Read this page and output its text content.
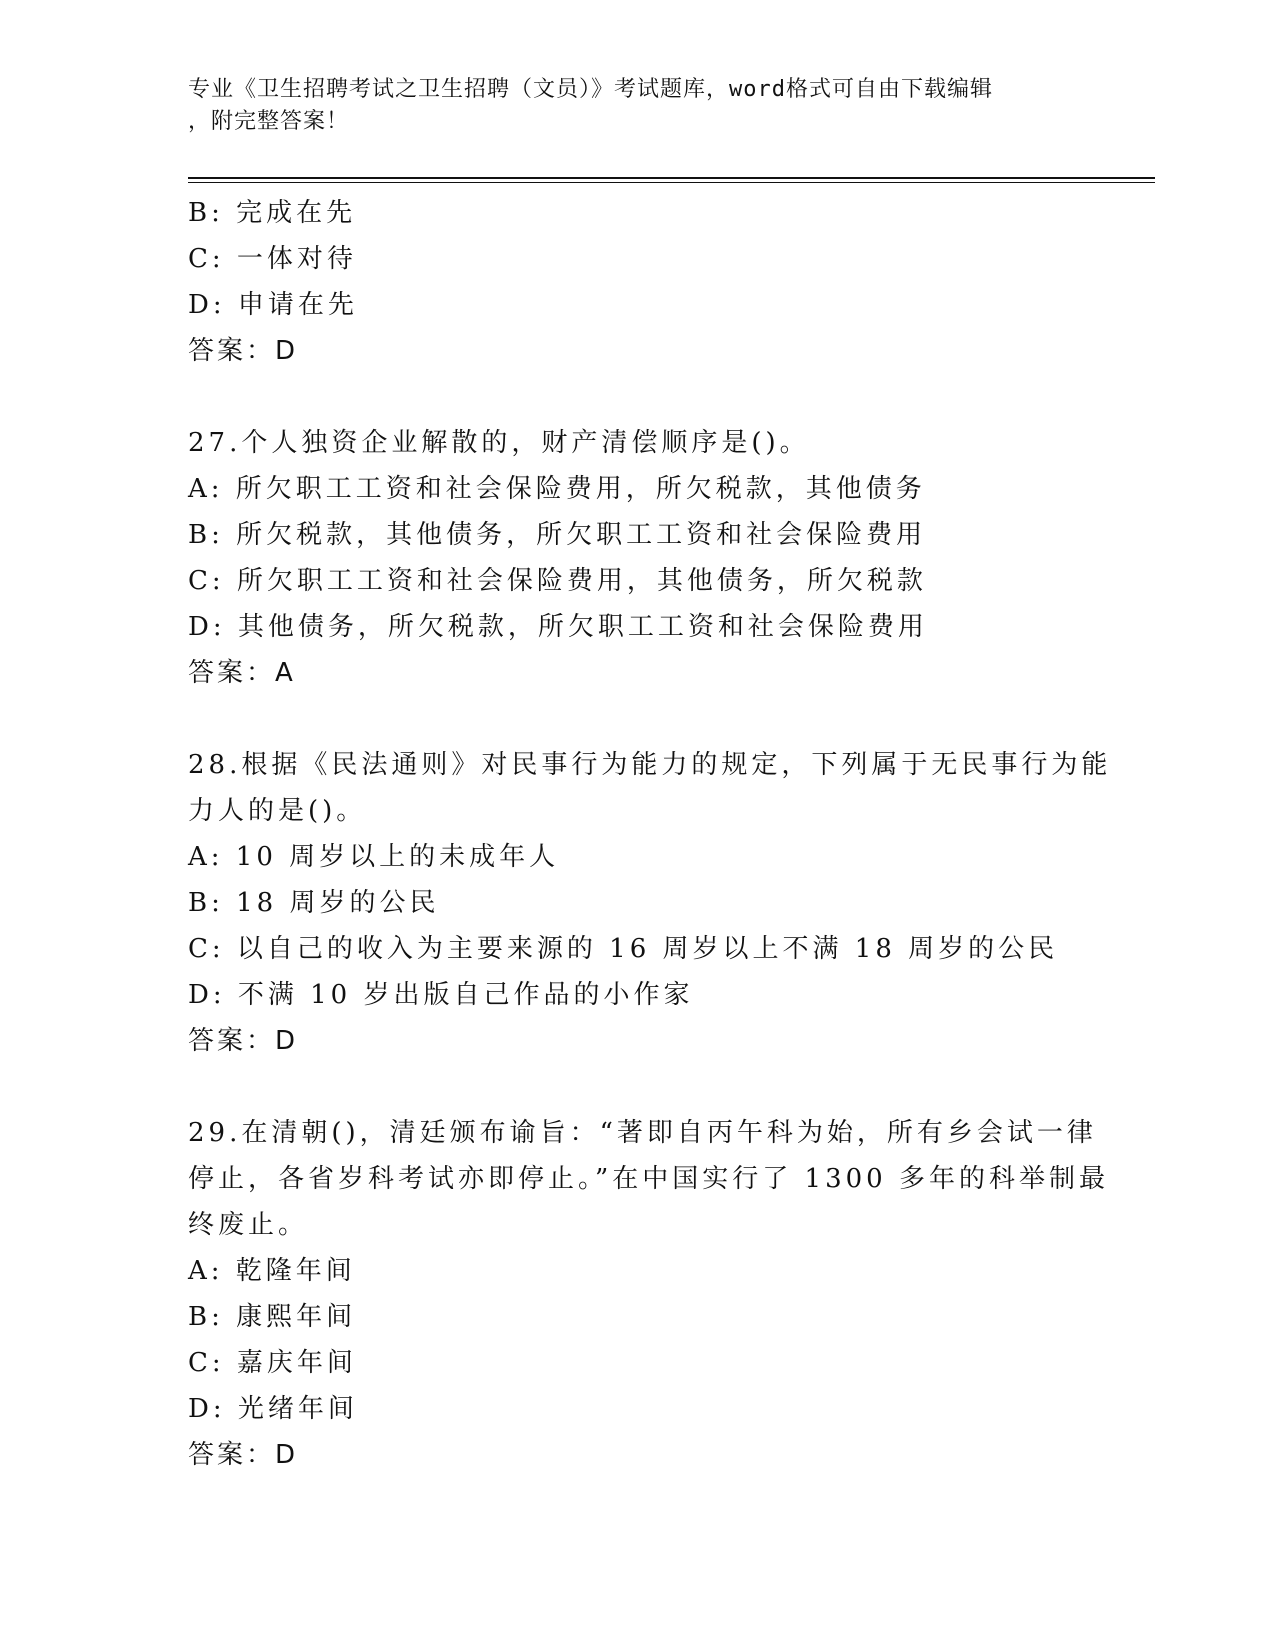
专业《卫生招聘考试之卫生招聘（文员）》考试题库，word格式可自由下载编辑
，附完整答案！
B: 完成在先
C: 一体对待
D: 申请在先
答案：D
27.个人独资企业解散的，财产清偿顺序是()。
A: 所欠职工工资和社会保险费用，所欠税款，其他债务
B: 所欠税款，其他债务，所欠职工工资和社会保险费用
C: 所欠职工工资和社会保险费用，其他债务，所欠税款
D: 其他债务，所欠税款，所欠职工工资和社会保险费用
答案：A
28.根据《民法通则》对民事行为能力的规定，下列属于无民事行为能
力人的是()。
A: 10 周岁以上的未成年人
B: 18 周岁的公民
C: 以自己的收入为主要来源的 16 周岁以上不满 18 周岁的公民
D: 不满 10 岁出版自己作品的小作家
答案：D
29.在清朝()，清廷颁布谕旨：“著即自丙午科为始，所有乡会试一律
停止，各省岁科考试亦即停止。”在中国实行了 1300 多年的科举制最
终废止。
A: 乾隆年间
B: 康熙年间
C: 嘉庆年间
D: 光绪年间
答案：D
